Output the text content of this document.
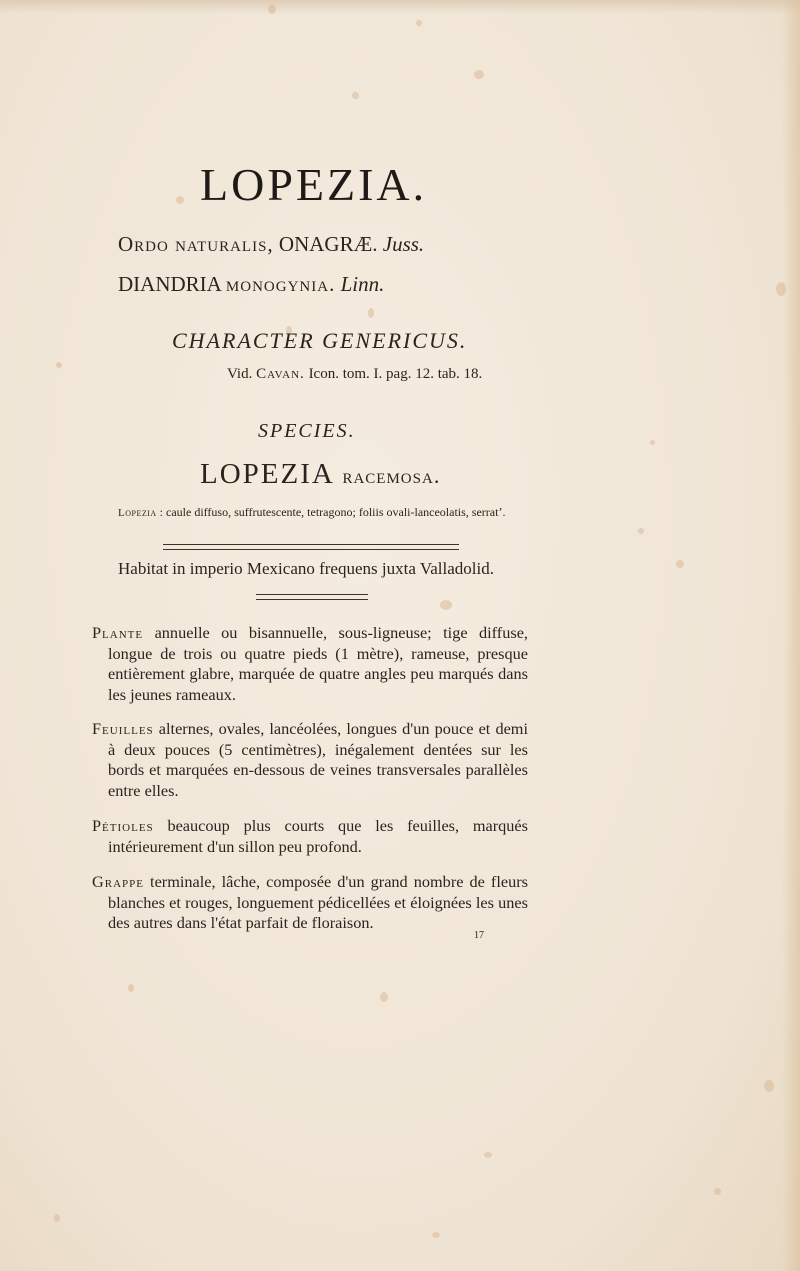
LOPEZIA.
Ordo naturalis, ONAGRÆ. Juss.
DIANDRIA monogynia. Linn.
CHARACTER GENERICUS.
Vid. Cavan. Icon. tom. I. pag. 12. tab. 18.
SPECIES.
LOPEZIA racemosa.
Lopezia : caule diffuso, suffrutescente, tetragono; foliis ovali-lanceolatis, serratʼ.
Habitat in imperio Mexicano frequens juxta Valladolid.
Plante annuelle ou bisannuelle, sous-ligneuse; tige diffuse, longue de trois ou quatre pieds (1 mètre), rameuse, presque entièrement glabre, marquée de quatre angles peu marqués dans les jeunes rameaux.
Feuilles alternes, ovales, lancéolées, longues d'un pouce et demi à deux pouces (5 centimètres), inégalement dentées sur les bords et marquées en-dessous de veines transversales parallèles entre elles.
Pétioles beaucoup plus courts que les feuilles, marqués intérieurement d'un sillon peu profond.
Grappe terminale, lâche, composée d'un grand nombre de fleurs blanches et rouges, longuement pédicellées et éloignées les unes des autres dans l'état parfait de floraison.
17
